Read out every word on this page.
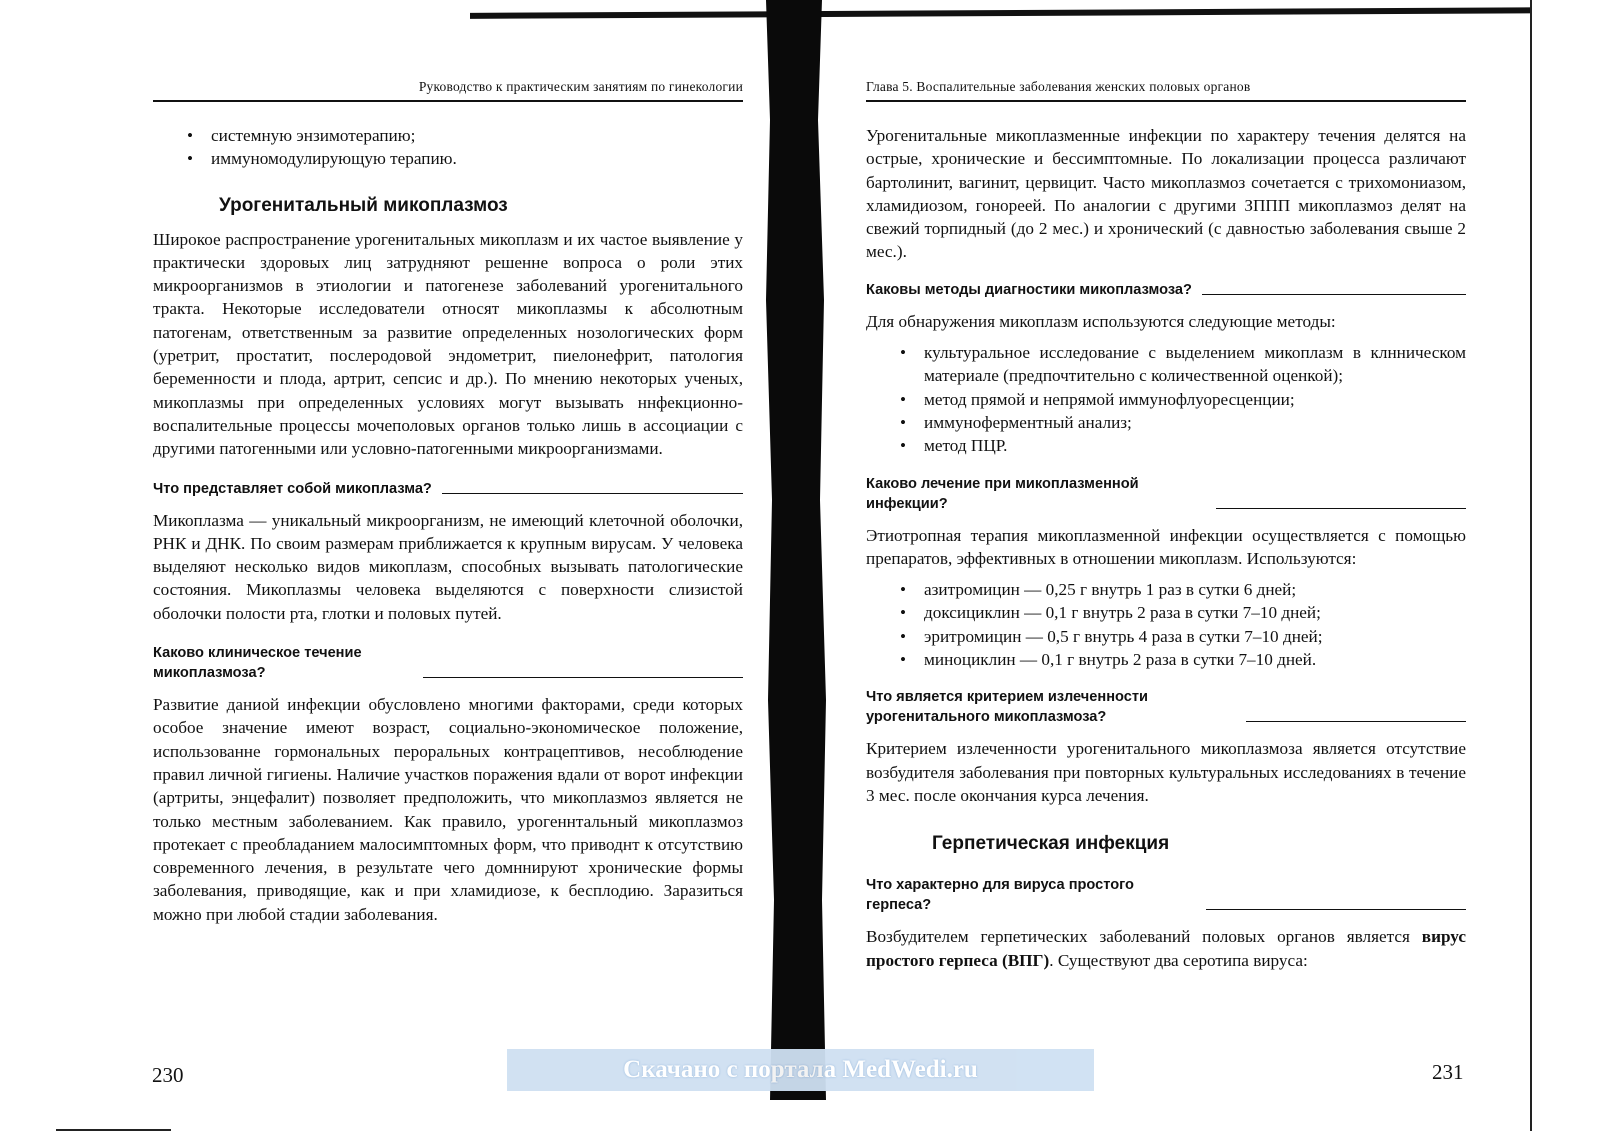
Руководство к практическим занятиям по гинекологии
• системную энзимотерапию;
• иммуномодулирующую терапию.
Урогенитальный микоплазмоз

Широкое распространение урогенитальных микоплазм и их частое выявление у практически здоровых лиц затрудняют решенне вопроса о роли этих микроорганизмов в этиологии и патогенезе заболеваний урогенитального тракта. Некоторые исследователи относят микоплазмы к абсолютным патогенам, ответственным за развитие определенных нозологических форм (уретрит, простатит, послеродовой эндометрит, пиелонефрит, патология беременности и плода, артрит, сепсис и др.). По мнению некоторых ученых, микоплазмы при определенных условиях могут вызывать ннфекционно-воспалительные процессы мочеполовых органов только лишь в ассоциации с другими патогенными или условно-патогенными микроорганизмами.

Что представляет собой микоплазма?

Микоплазма — уникальный микроорганизм, не имеющий клеточной оболочки, РНК и ДНК. По своим размерам приближается к крупным вирусам. У человека выделяют несколько видов микоплазм, способных вызывать патологические состояния. Микоплазмы человека выделяются с поверхности слизистой оболочки полости рта, глотки и половых путей.

Каково клиническое течение микоплазмоза?

Развитие даниой инфекции обусловлено многими факторами, среди которых особое значение имеют возраст, социально-экономическое положение, использованне гормональных пероральных контрацептивов, несоблюдение правил личной гигиены. Наличие участков поражения вдали от ворот инфекции (артриты, энцефалит) позволяет предположить, что микоплазмоз является не только местным заболеванием. Как правило, урогеннтальный микоплазмоз протекает с преобладанием малосимптомных форм, что приводнт к отсутствию современного лечения, в результате чего домннируют хронические формы заболевания, приводящие, как и при хламидиозе, к бесплодию. Заразиться можно при любой стадии заболевания.

230
Глава 5. Воспалительные заболевания женских половых органов

Урогенитальные микоплазменные инфекции по характеру течения делятся на острые, хронические и бессимптомные. По локализации процесса различают бартолинит, вагинит, цервицит. Часто микоплазмоз сочетается с трихомониазом, хламидиозом, гонореей. По аналогии с другими ЗППП микоплазмоз делят на свежий торпидный (до 2 мес.) и хронический (с давностью заболевания свыше 2 мес.).

Каковы методы диагностики микоплазмоза?

Для обнаружения микоплазм используются следующие методы:

• культуральное исследование с выделением микоплазм в клнническом материале (предпочтительно с количественной оценкой);
• метод прямой и непрямой иммунофлуоресценции;
• иммуноферментный анализ;
• метод ПЦР.
Каково лечение при микоплазменной инфекции?

Этиотропная терапия микоплазменной инфекции осуществляется с помощью препаратов, эффективных в отношении микоплазм. Используются:

• азитромицин — 0,25 г внутрь 1 раз в сутки 6 дней;
• доксициклин — 0,1 г внутрь 2 раза в сутки 7–10 дней;
• эритромицин — 0,5 г внутрь 4 раза в сутки 7–10 дней;
• миноциклин — 0,1 г внутрь 2 раза в сутки 7–10 дней.
Что является критерием излеченности урогенитального микоплазмоза?

Критерием излеченности урогенитального микоплазмоза является отсутствие возбудителя заболевания при повторных культуральных исследованиях в течение 3 мес. после окончания курса лечения.

Герпетическая инфекция
Что характерно для вируса простого герпеса?

Возбудителем герпетических заболеваний половых органов является вирус простого герпеса (ВПГ). Существуют два серотипа вируса:

231
Скачано с портала MedWedi.ru
